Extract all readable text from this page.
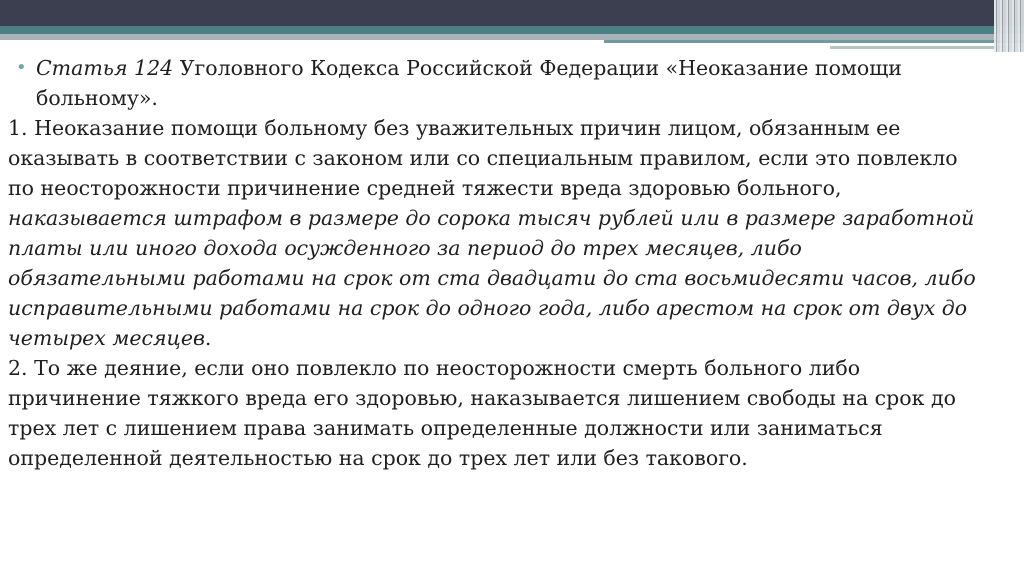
• Статья 124 Уголовного Кодекса Российской Федерации «Неоказание помощи больному».

1. Неоказание помощи больному без уважительных причин лицом, обязанным ее оказывать в соответствии с законом или со специальным правилом, если это повлекло по неосторожности причинение средней тяжести вреда здоровью больного, наказывается штрафом в размере до сорока тысяч рублей или в размере заработной платы или иного дохода осужденного за период до трех месяцев, либо обязательными работами на срок от ста двадцати до ста восьмидесяти часов, либо исправительными работами на срок до одного года, либо арестом на срок от двух до четырех месяцев.

2. То же деяние, если оно повлекло по неосторожности смерть больного либо причинение тяжкого вреда его здоровью, наказывается лишением свободы на срок до трех лет с лишением права занимать определенные должности или заниматься определенной деятельностью на срок до трех лет или без такового.
